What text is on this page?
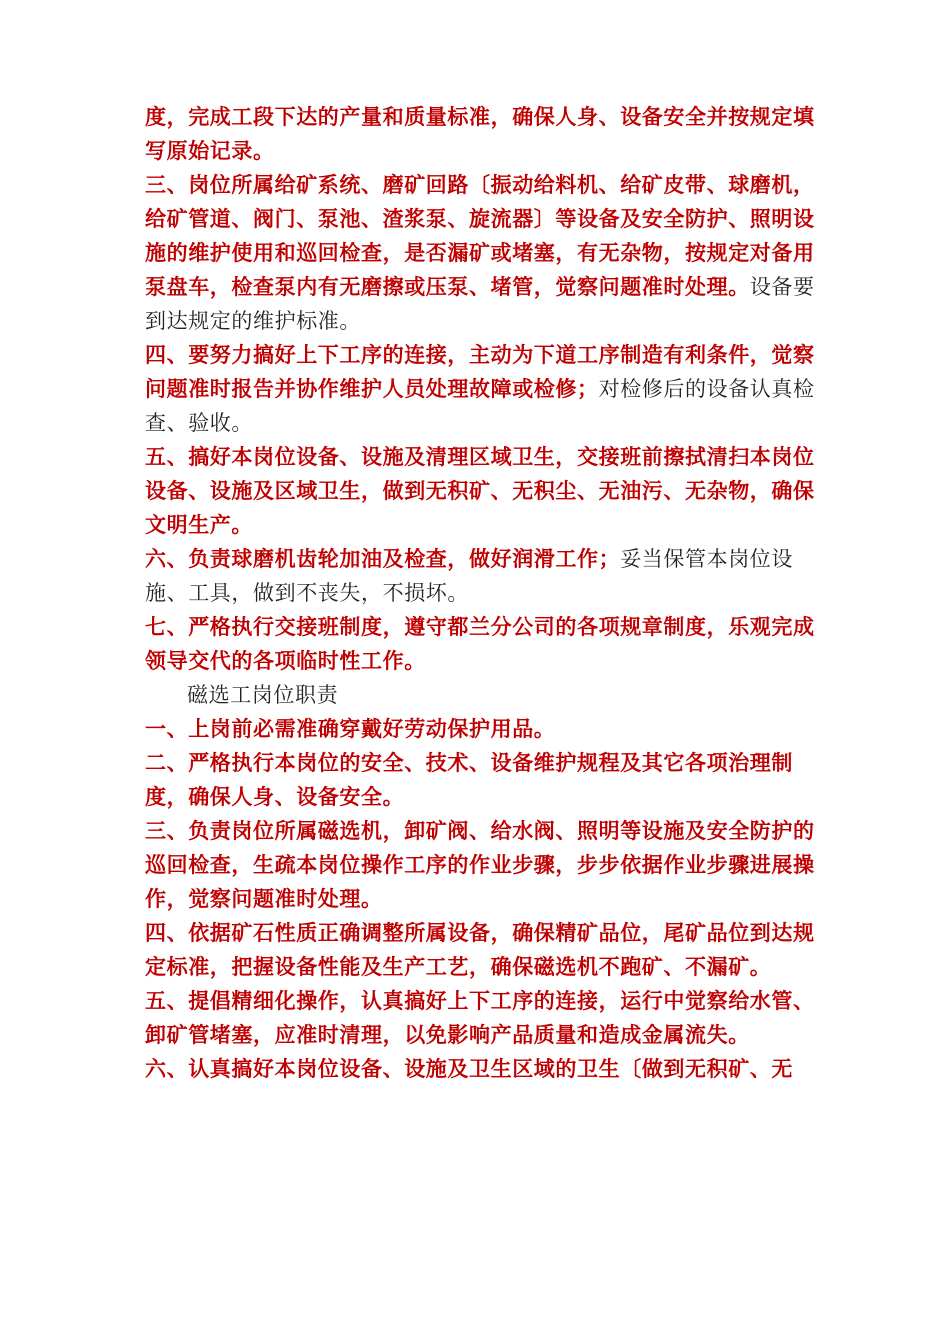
度，完成工段下达的产量和质量标准，确保人身、设备安全并按规定填写原始记录。

三、岗位所属给矿系统、磨矿回路〔振动给料机、给矿皮带、球磨机，给矿管道、阀门、泵池、渣浆泵、旋流器〕等设备及安全防护、照明设施的维护使用和巡回检查，是否漏矿或堵塞，有无杂物，按规定对备用泵盘车，检查泵内有无磨擦或压泵、堵管，觉察问题准时处理。设备要到达规定的维护标准。

四、要努力搞好上下工序的连接，主动为下道工序制造有利条件，觉察问题准时报告并协作维护人员处理故障或检修；对检修后的设备认真检查、验收。

五、搞好本岗位设备、设施及清理区域卫生，交接班前擦拭清扫本岗位设备、设施及区域卫生，做到无积矿、无积尘、无油污、无杂物，确保文明生产。

六、负责球磨机齿轮加油及检查，做好润滑工作；妥当保管本岗位设施、工具，做到不丧失，不损坏。

七、严格执行交接班制度，遵守都兰分公司的各项规章制度，乐观完成领导交代的各项临时性工作。

磁选工岗位职责

一、上岗前必需准确穿戴好劳动保护用品。

二、严格执行本岗位的安全、技术、设备维护规程及其它各项治理制度，确保人身、设备安全。

三、负责岗位所属磁选机，卸矿阀、给水阀、照明等设施及安全防护的巡回检查，生疏本岗位操作工序的作业步骤，步步依据作业步骤进展操作，觉察问题准时处理。

四、依据矿石性质正确调整所属设备，确保精矿品位，尾矿品位到达规定标准，把握设备性能及生产工艺，确保磁选机不跑矿、不漏矿。

五、提倡精细化操作，认真搞好上下工序的连接，运行中觉察给水管、卸矿管堵塞，应准时清理，以免影响产品质量和造成金属流失。

六、认真搞好本岗位设备、设施及卫生区域的卫生〔做到无积矿、无
